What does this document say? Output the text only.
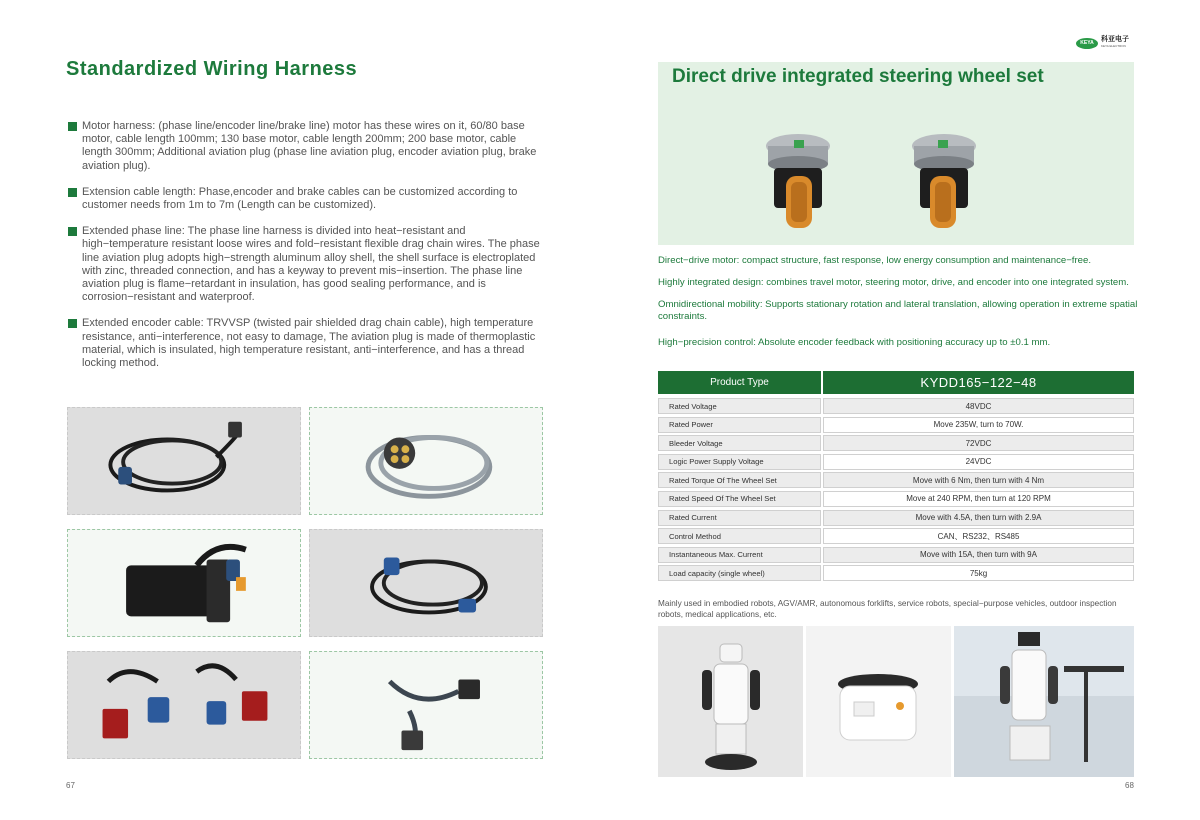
Standardized Wiring Harness

Motor harness: (phase line/encoder line/brake line) motor has these wires on it, 60/80 base motor, cable length 100mm; 130 base motor, cable length 200mm; 200 base motor, cable length 300mm; Additional aviation plug (phase line aviation plug, encoder aviation plug, brake aviation plug).

Extension cable length: Phase,encoder and brake cables can be customized according to customer needs from 1m to 7m (Length can be customized).

Extended phase line: The phase line harness is divided into heat−resistant and high−temperature resistant loose wires and fold−resistant flexible drag chain wires. The phase line aviation plug adopts high−strength aluminum alloy shell, the shell surface is electroplated with zinc, threaded connection, and has a keyway to prevent mis−insertion. The phase line aviation plug is flame−retardant in insulation, has good sealing performance, and is corrosion−resistant and waterproof.

Extended encoder cable: TRVVSP (twisted pair shielded drag chain cable), high temperature resistance, anti−interference, not easy to damage, The aviation plug is made of thermoplastic material, which is insulated, high temperature resistant, anti−interference, and has a thread locking method.

67
KEYA	科亚电子
KEYA ELECTRON
Direct drive integrated steering wheel set

Direct−drive motor: compact structure, fast response, low energy consumption and maintenance−free.

Highly integrated design: combines travel motor, steering motor, drive, and encoder into one integrated system.

Omnidirectional mobility: Supports stationary rotation and lateral translation, allowing operation in extreme spatial constraints.

High−precision control: Absolute encoder feedback with positioning accuracy up to ±0.1 mm.

Product Type	KYDD165−122−48
Rated Voltage	48VDC
Rated Power	Move 235W, turn to 70W.
Bleeder Voltage	72VDC
Logic Power Supply Voltage	24VDC
Rated Torque Of The Wheel Set	Move with 6 Nm, then turn with 4 Nm
Rated Speed Of The Wheel Set	Move at 240 RPM, then turn at 120 RPM
Rated Current	Move with 4.5A, then turn with 2.9A
Control Method	CAN、RS232、RS485
Instantaneous Max. Current	Move with 15A, then turn with 9A
Load capacity (single wheel)	75kg

Mainly used in embodied robots, AGV/AMR, autonomous forklifts, service robots, special−purpose vehicles, outdoor inspection robots, medical applications, etc.

68
